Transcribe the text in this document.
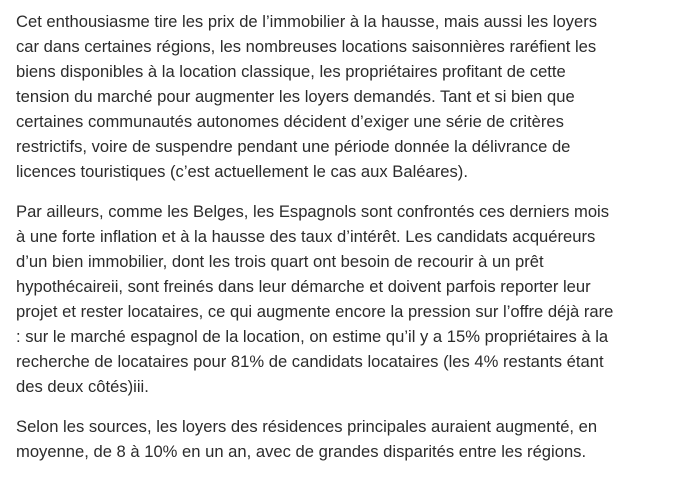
Cet enthousiasme tire les prix de l’immobilier à la hausse, mais aussi les loyers
car dans certaines régions, les nombreuses locations saisonnières raréfient les
biens disponibles à la location classique, les propriétaires profitant de cette
tension du marché pour augmenter les loyers demandés. Tant et si bien que
certaines communautés autonomes décident d’exiger une série de critères
restrictifs, voire de suspendre pendant une période donnée la délivrance de
licences touristiques (c’est actuellement le cas aux Baléares).

Par ailleurs, comme les Belges, les Espagnols sont confrontés ces derniers mois
à une forte inflation et à la hausse des taux d’intérêt. Les candidats acquéreurs
d’un bien immobilier, dont les trois quart ont besoin de recourir à un prêt
hypothécaireii, sont freinés dans leur démarche et doivent parfois reporter leur
projet et rester locataires, ce qui augmente encore la pression sur l’offre déjà rare
: sur le marché espagnol de la location, on estime qu’il y a 15% propriétaires à la
recherche de locataires pour 81% de candidats locataires (les 4% restants étant
des deux côtés)iii.

Selon les sources, les loyers des résidences principales auraient augmenté, en
moyenne, de 8 à 10% en un an, avec de grandes disparités entre les régions.
